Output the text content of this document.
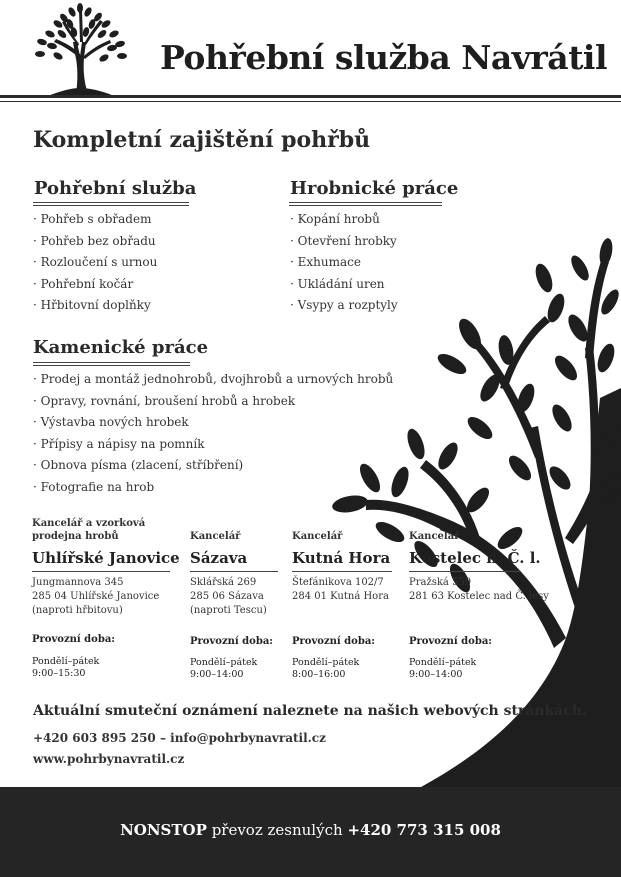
Pohřební služba Navrátil
Kompletní zajištění pohřbů
Pohřební služba
· Pohřeb s obřadem
· Pohřeb bez obřadu
· Rozloučení s urnou
· Pohřební kočár
· Hřbitovní doplňky
Hrobnické práce
· Kopání hrobů
· Otevření hrobky
· Exhumace
· Ukládání uren
· Vsypy a rozptyly
Kamenické práce
· Prodej a montáž jednohrobů, dvojhrobů a urnových hrobů
· Opravy, rovnání, broušení hrobů a hrobek
· Výstavba nových hrobek
· Přípisy a nápisy na pomník
· Obnova písma (zlacení, stříbření)
· Fotografie na hrob
Kancelář a vzorková
prodejna hrobů
Uhlířské Janovice
Jungmannova 345
285 04 Uhlířské Janovice
(naproti hřbitovu)
Provozní doba:
Pondělí–pátek
9:00–15:30
Kancelář
Sázava
Sklářská 269
285 06 Sázava
(naproti Tescu)
Provozní doba:
Pondělí–pátek
9:00–14:00
Kancelář
Kutná Hora
Štefánikova 102/7
284 01 Kutná Hora
Provozní doba:
Pondělí–pátek
8:00–16:00
Kancelář
Kostelec n. Č. l.
Pražská 559
281 63 Kostelec nad Č. lesy
Provozní doba:
Pondělí–pátek
9:00–14:00
Aktuální smuteční oznámení naleznete na našich webových stránkách.
+420 603 895 250 – info@pohrbynavratil.cz
www.pohrbynavratil.cz
NONSTOP převoz zesnulých +420 773 315 008
